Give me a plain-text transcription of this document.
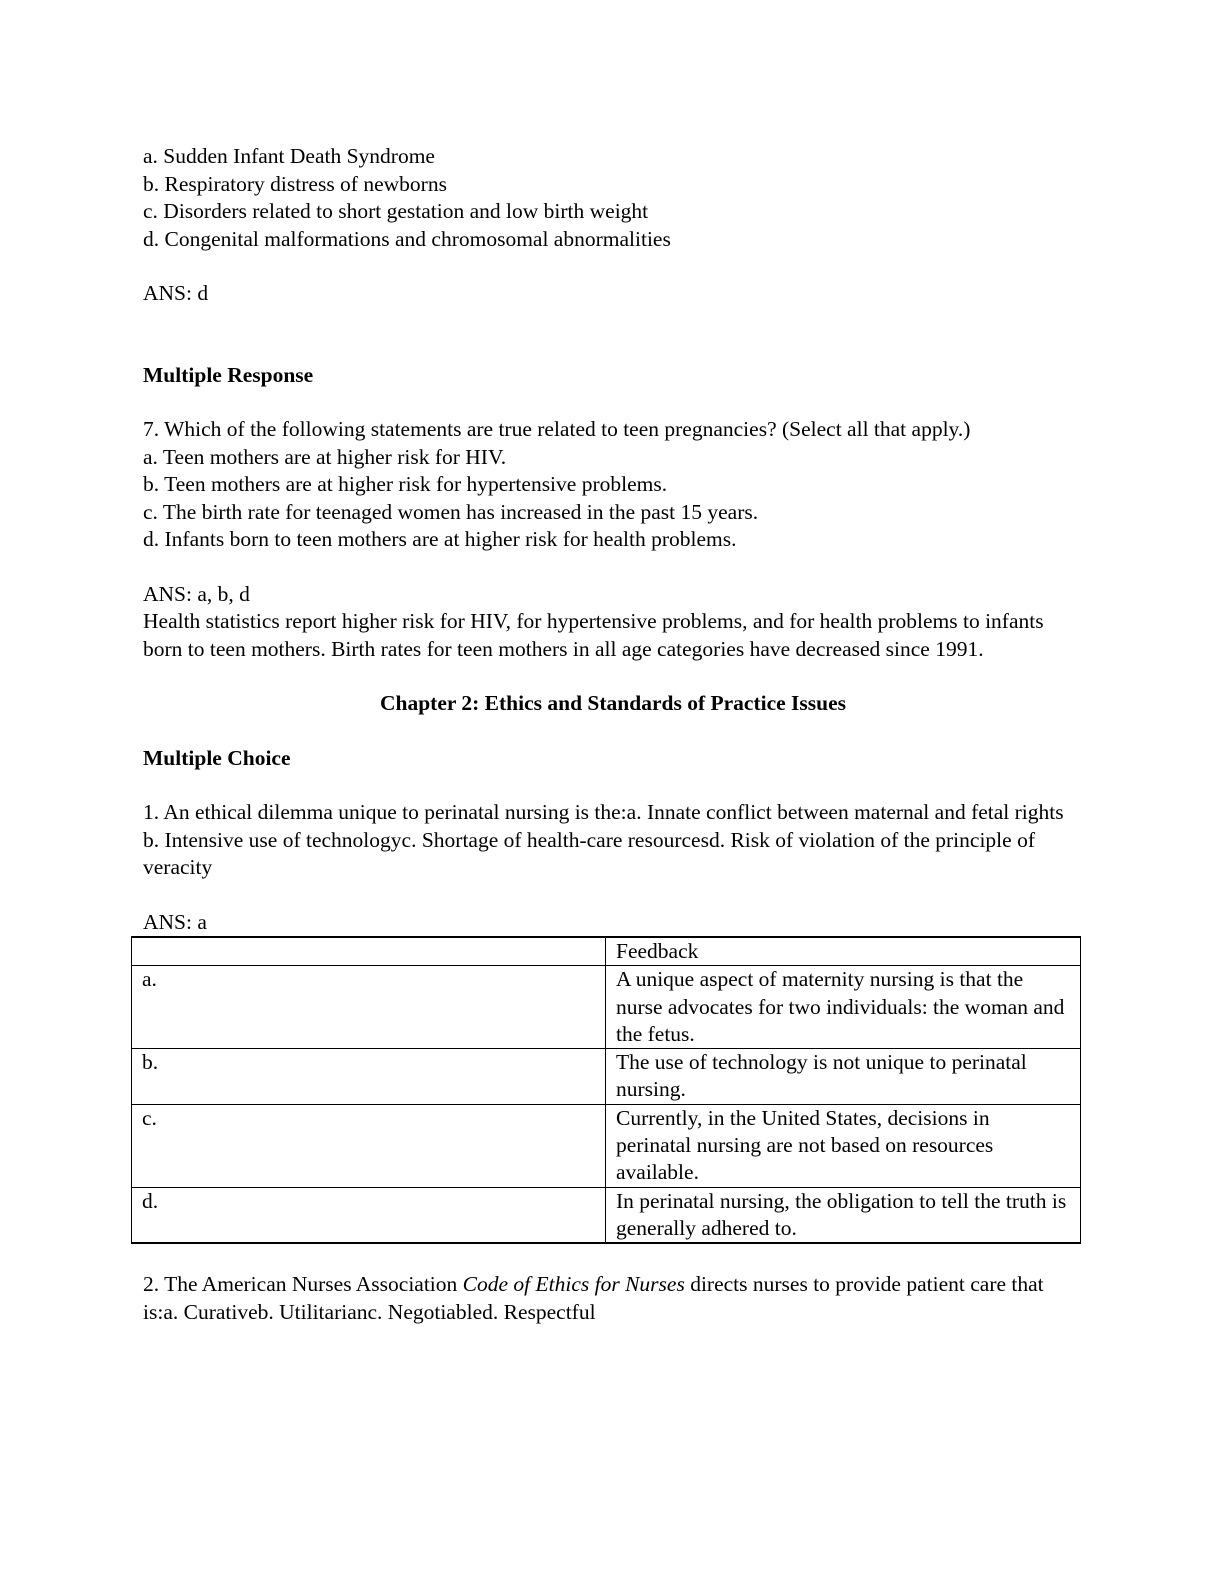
a. Sudden Infant Death Syndrome
b. Respiratory distress of newborns
c. Disorders related to short gestation and low birth weight
d. Congenital malformations and chromosomal abnormalities
ANS: d
Multiple Response
7. Which of the following statements are true related to teen pregnancies? (Select all that apply.)
a. Teen mothers are at higher risk for HIV.
b. Teen mothers are at higher risk for hypertensive problems.
c. The birth rate for teenaged women has increased in the past 15 years.
d. Infants born to teen mothers are at higher risk for health problems.
ANS: a, b, d

Health statistics report higher risk for HIV, for hypertensive problems, and for health problems to infants born to teen mothers. Birth rates for teen mothers in all age categories have decreased since 1991.

Chapter 2: Ethics and Standards of Practice Issues
Multiple Choice

1. An ethical dilemma unique to perinatal nursing is the:a. Innate conflict between maternal and fetal rights

b. Intensive use of technologyc. Shortage of health-care resourcesd. Risk of violation of the principle of veracity

ANS: a
	Feedback
a.	A unique aspect of maternity nursing is that the nurse advocates for two individuals: the woman and the fetus.
b.	The use of technology is not unique to perinatal nursing.
c.	Currently, in the United States, decisions in perinatal nursing are not based on resources available.
d.	In perinatal nursing, the obligation to tell the truth is generally adhered to.

2. The American Nurses Association Code of Ethics for Nurses directs nurses to provide patient care that is:a. Curativeb. Utilitarianc. Negotiabled. Respectful
